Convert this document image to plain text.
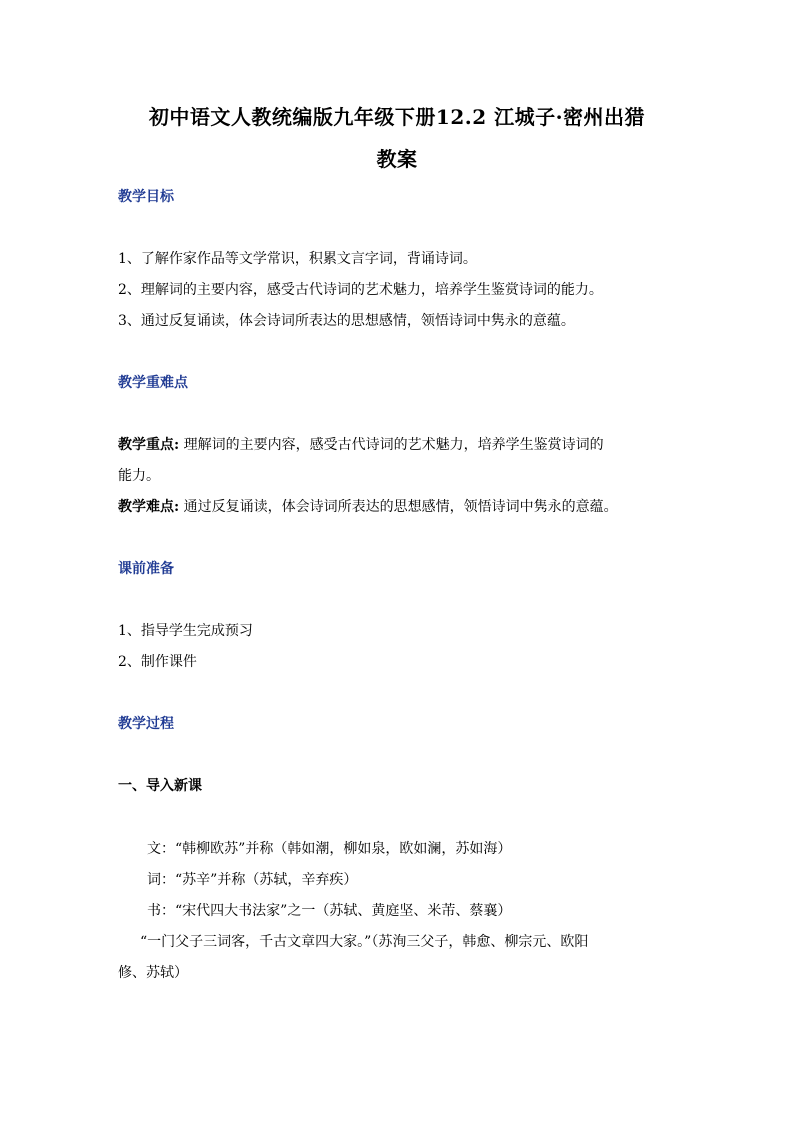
初中语文人教统编版九年级下册12.2 江城子·密州出猎
教案
教学目标
1、了解作家作品等文学常识，积累文言字词，背诵诗词。
2、理解词的主要内容，感受古代诗词的艺术魅力，培养学生鉴赏诗词的能力。
3、通过反复诵读，体会诗词所表达的思想感情，领悟诗词中隽永的意蕴。
教学重难点
教学重点: 理解词的主要内容，感受古代诗词的艺术魅力，培养学生鉴赏诗词的
能力。
教学难点: 通过反复诵读，体会诗词所表达的思想感情，领悟诗词中隽永的意蕴。
课前准备
1、指导学生完成预习
2、制作课件
教学过程
一、导入新课
文：“韩柳欧苏”并称（韩如潮，柳如泉，欧如澜，苏如海）
词：“苏辛”并称（苏轼，辛弃疾）
书：“宋代四大书法家”之一（苏轼、黄庭坚、米芾、蔡襄）
“一门父子三词客，千古文章四大家。”（苏洵三父子，韩愈、柳宗元、欧阳
修、苏轼）
